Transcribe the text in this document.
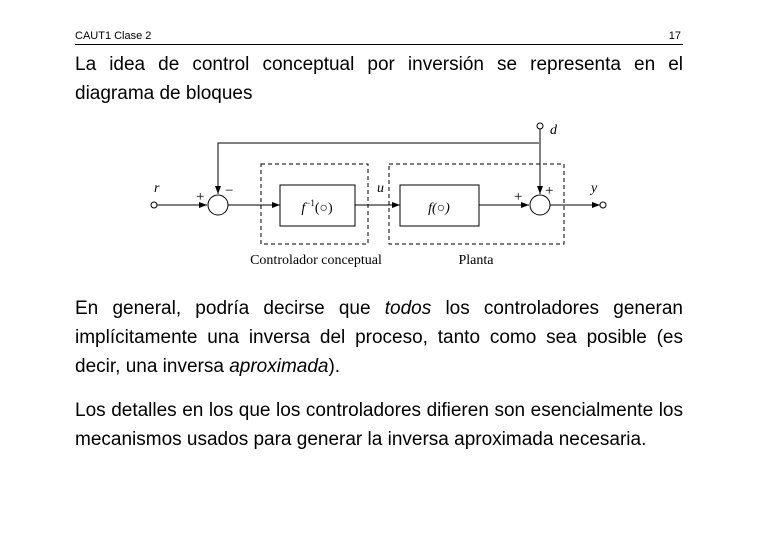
CAUT1 Clase 2	17
La idea de control conceptual por inversión se representa en el diagrama de bloques
r	u	y
d
+ −	+ +
$f^{-1}(○)$	f(○)
Controlador conceptual	Planta
En general, podría decirse que todos los controladores generan implícitamente una inversa del proceso, tanto como sea posible (es decir, una inversa aproximada).
Los detalles en los que los controladores difieren son esencialmente los mecanismos usados para generar la inversa aproximada necesaria.
